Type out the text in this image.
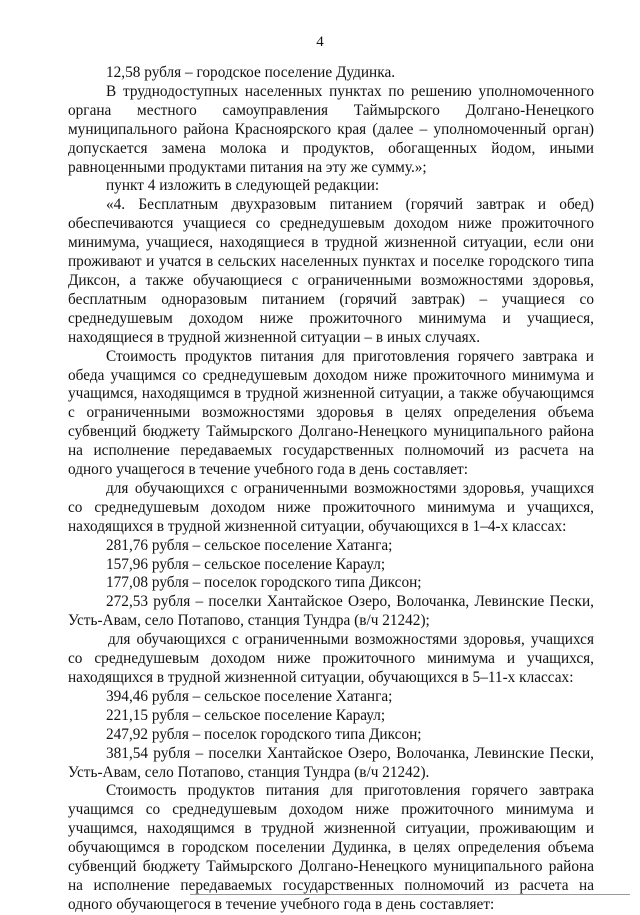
4

12,58 рубля – городское поселение Дудинка.

В труднодоступных населенных пунктах по решению уполномоченного органа местного самоуправления Таймырского Долгано-Ненецкого муниципального района Красноярского края (далее – уполномоченный орган) допускается замена молока и продуктов, обогащенных йодом, иными равноценными продуктами питания на эту же сумму.»;

пункт 4 изложить в следующей редакции:

«4. Бесплатным двухразовым питанием (горячий завтрак и обед) обеспечиваются учащиеся со среднедушевым доходом ниже прожиточного минимума, учащиеся, находящиеся в трудной жизненной ситуации, если они проживают и учатся в сельских населенных пунктах и поселке городского типа Диксон, а также обучающиеся с ограниченными возможностями здоровья, бесплатным одноразовым питанием (горячий завтрак) – учащиеся со среднедушевым доходом ниже прожиточного минимума и учащиеся, находящиеся в трудной жизненной ситуации – в иных случаях.

Стоимость продуктов питания для приготовления горячего завтрака и обеда учащимся со среднедушевым доходом ниже прожиточного минимума и учащимся, находящимся в трудной жизненной ситуации, а также обучающимся с ограниченными возможностями здоровья в целях определения объема субвенций бюджету Таймырского Долгано-Ненецкого муниципального района на исполнение передаваемых государственных полномочий из расчета на одного учащегося в течение учебного года в день составляет:

для обучающихся с ограниченными возможностями здоровья, учащихся со среднедушевым доходом ниже прожиточного минимума и учащихся, находящихся в трудной жизненной ситуации, обучающихся в 1–4-х классах:

281,76 рубля – сельское поселение Хатанга;

157,96 рубля – сельское поселение Караул;

177,08 рубля – поселок городского типа Диксон;

272,53 рубля – поселки Хантайское Озеро, Волочанка, Левинские Пески, Усть-Авам, село Потапово, станция Тундра (в/ч 21242);

для обучающихся с ограниченными возможностями здоровья, учащихся со среднедушевым доходом ниже прожиточного минимума и учащихся, находящихся в трудной жизненной ситуации, обучающихся в 5–11-х классах:

394,46 рубля – сельское поселение Хатанга;

221,15 рубля – сельское поселение Караул;

247,92 рубля – поселок городского типа Диксон;

381,54 рубля – поселки Хантайское Озеро, Волочанка, Левинские Пески, Усть-Авам, село Потапово, станция Тундра (в/ч 21242).

Стоимость продуктов питания для приготовления горячего завтрака учащимся со среднедушевым доходом ниже прожиточного минимума и учащимся, находящимся в трудной жизненной ситуации, проживающим и обучающимся в городском поселении Дудинка, в целях определения объема субвенций бюджету Таймырского Долгано-Ненецкого муниципального района на исполнение передаваемых государственных полномочий из расчета на одного обучающегося в течение учебного года в день составляет:
